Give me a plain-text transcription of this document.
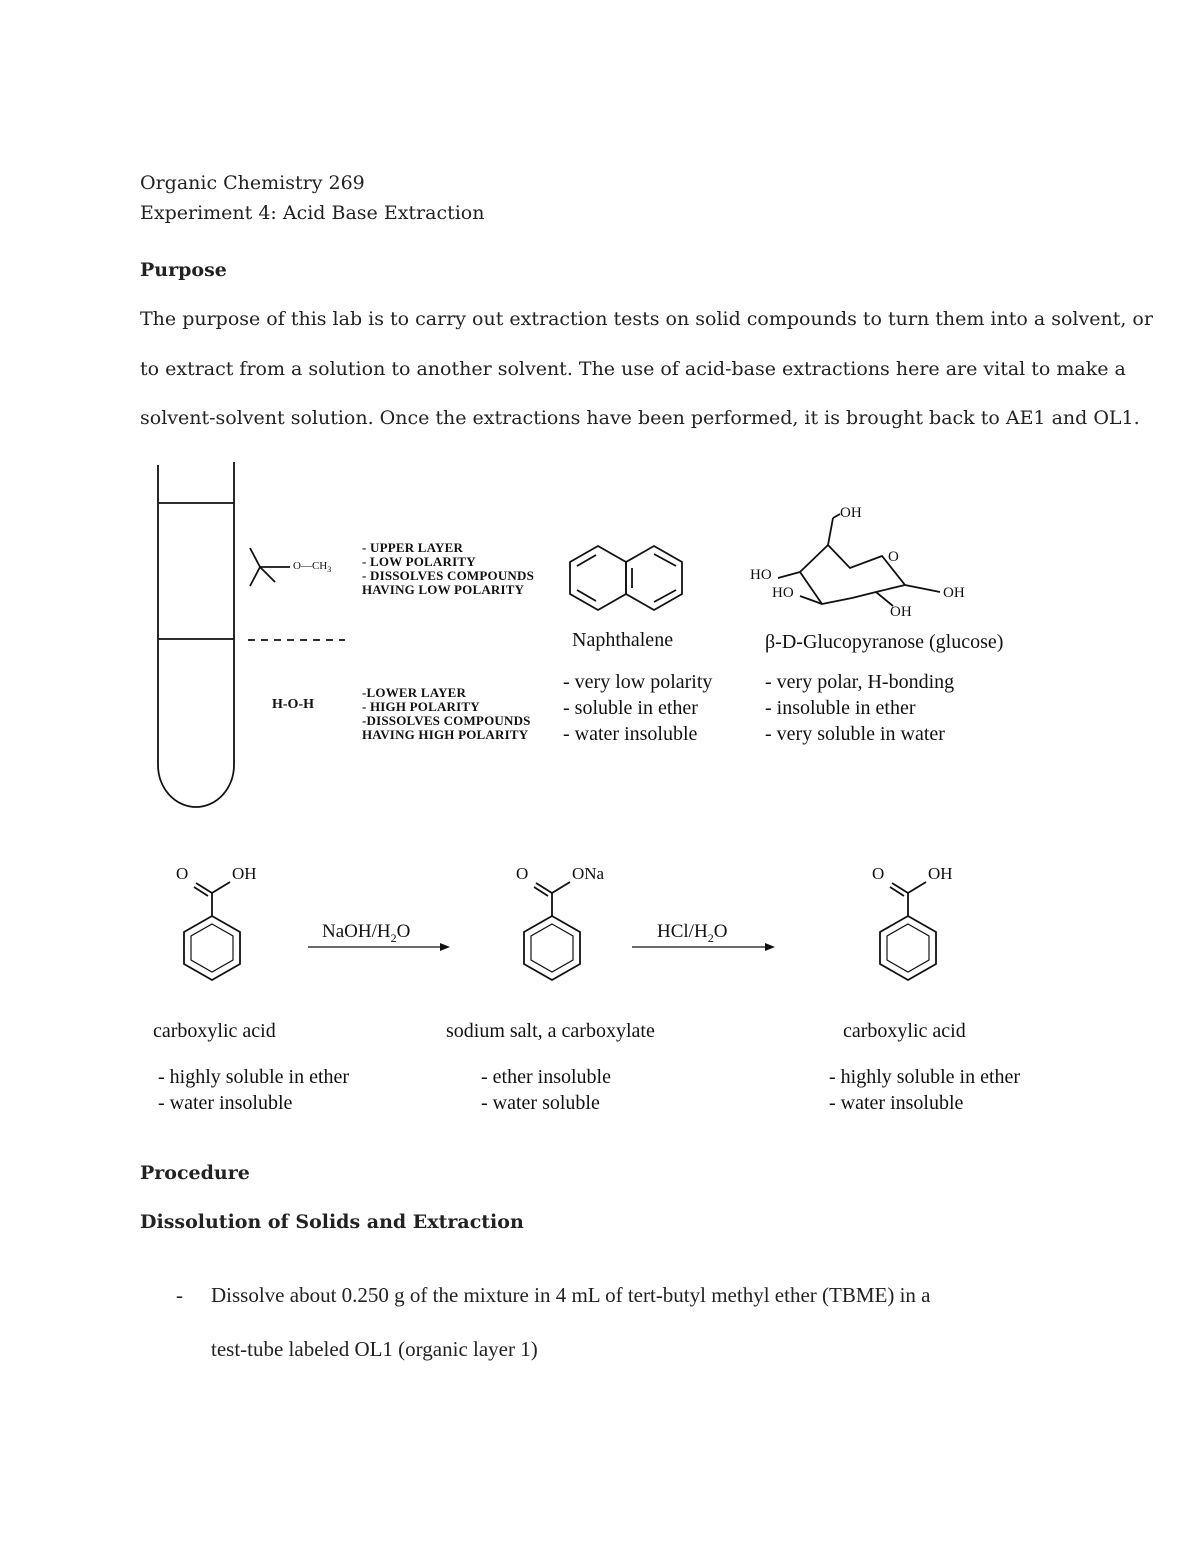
Organic Chemistry 269
Experiment 4: Acid Base Extraction
Purpose
The purpose of this lab is to carry out extraction tests on solid compounds to turn them into a solvent, or
to extract from a solution to another solvent. The use of acid-base extractions here are vital to make a
solvent-solvent solution. Once the extractions have been performed, it is brought back to AE1 and OL1.
$O—CH_3$
- UPPER LAYER
- LOW POLARITY
- DISSOLVES COMPOUNDS
HAVING LOW POLARITY
H-O-H
-LOWER LAYER
- HIGH POLARITY
-DISSOLVES COMPOUNDS
HAVING HIGH POLARITY
Naphthalene
- very low polarity
- soluble in ether
- water insoluble
OH
O
HO
HO	OH
OH
β-D-Glucopyranose (glucose)
- very polar, H-bonding
- insoluble in ether
- very soluble in water
O	OH	O	ONa	O	OH
NaOH/$H_2O$	HCl/$H_2O$
carboxylic acid	sodium salt, a carboxylate	carboxylic acid
- highly soluble in ether
- water insoluble
- ether insoluble
- water soluble
- highly soluble in ether
- water insoluble
Procedure
Dissolution of Solids and Extraction
- Dissolve about 0.250 g of the mixture in 4 mL of tert-butyl methyl ether (TBME) in a
test-tube labeled OL1 (organic layer 1)
